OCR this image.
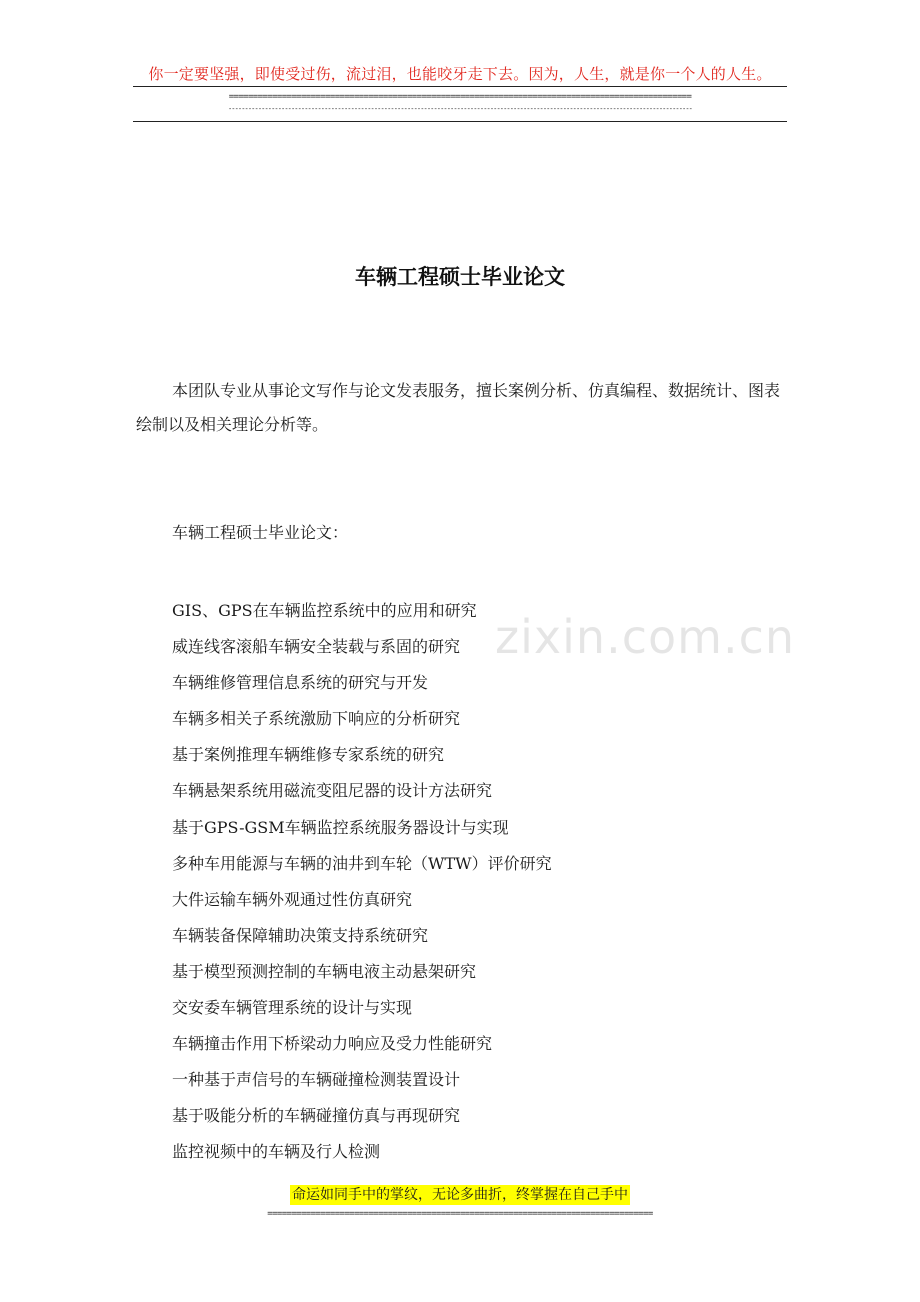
你一定要坚强，即使受过伤，流过泪，也能咬牙走下去。因为，人生，就是你一个人的人生。
================================================================================================
--------------------------------------------------------------------------------------------------------------------------------------------
zixin.com.cn
车辆工程硕士毕业论文
本团队专业从事论文写作与论文发表服务，擅长案例分析、仿真编程、数据统计、图表绘制以及相关理论分析等。
车辆工程硕士毕业论文：
GIS、GPS在车辆监控系统中的应用和研究
威连线客滚船车辆安全装载与系固的研究
车辆维修管理信息系统的研究与开发
车辆多相关子系统激励下响应的分析研究
基于案例推理车辆维修专家系统的研究
车辆悬架系统用磁流变阻尼器的设计方法研究
基于GPS-GSM车辆监控系统服务器设计与实现
多种车用能源与车辆的油井到车轮（WTW）评价研究
大件运输车辆外观通过性仿真研究
车辆装备保障辅助决策支持系统研究
基于模型预测控制的车辆电液主动悬架研究
交安委车辆管理系统的设计与实现
车辆撞击作用下桥梁动力响应及受力性能研究
一种基于声信号的车辆碰撞检测装置设计
基于吸能分析的车辆碰撞仿真与再现研究
监控视频中的车辆及行人检测
命运如同手中的掌纹，无论多曲折，终掌握在自己手中
================================================================================
